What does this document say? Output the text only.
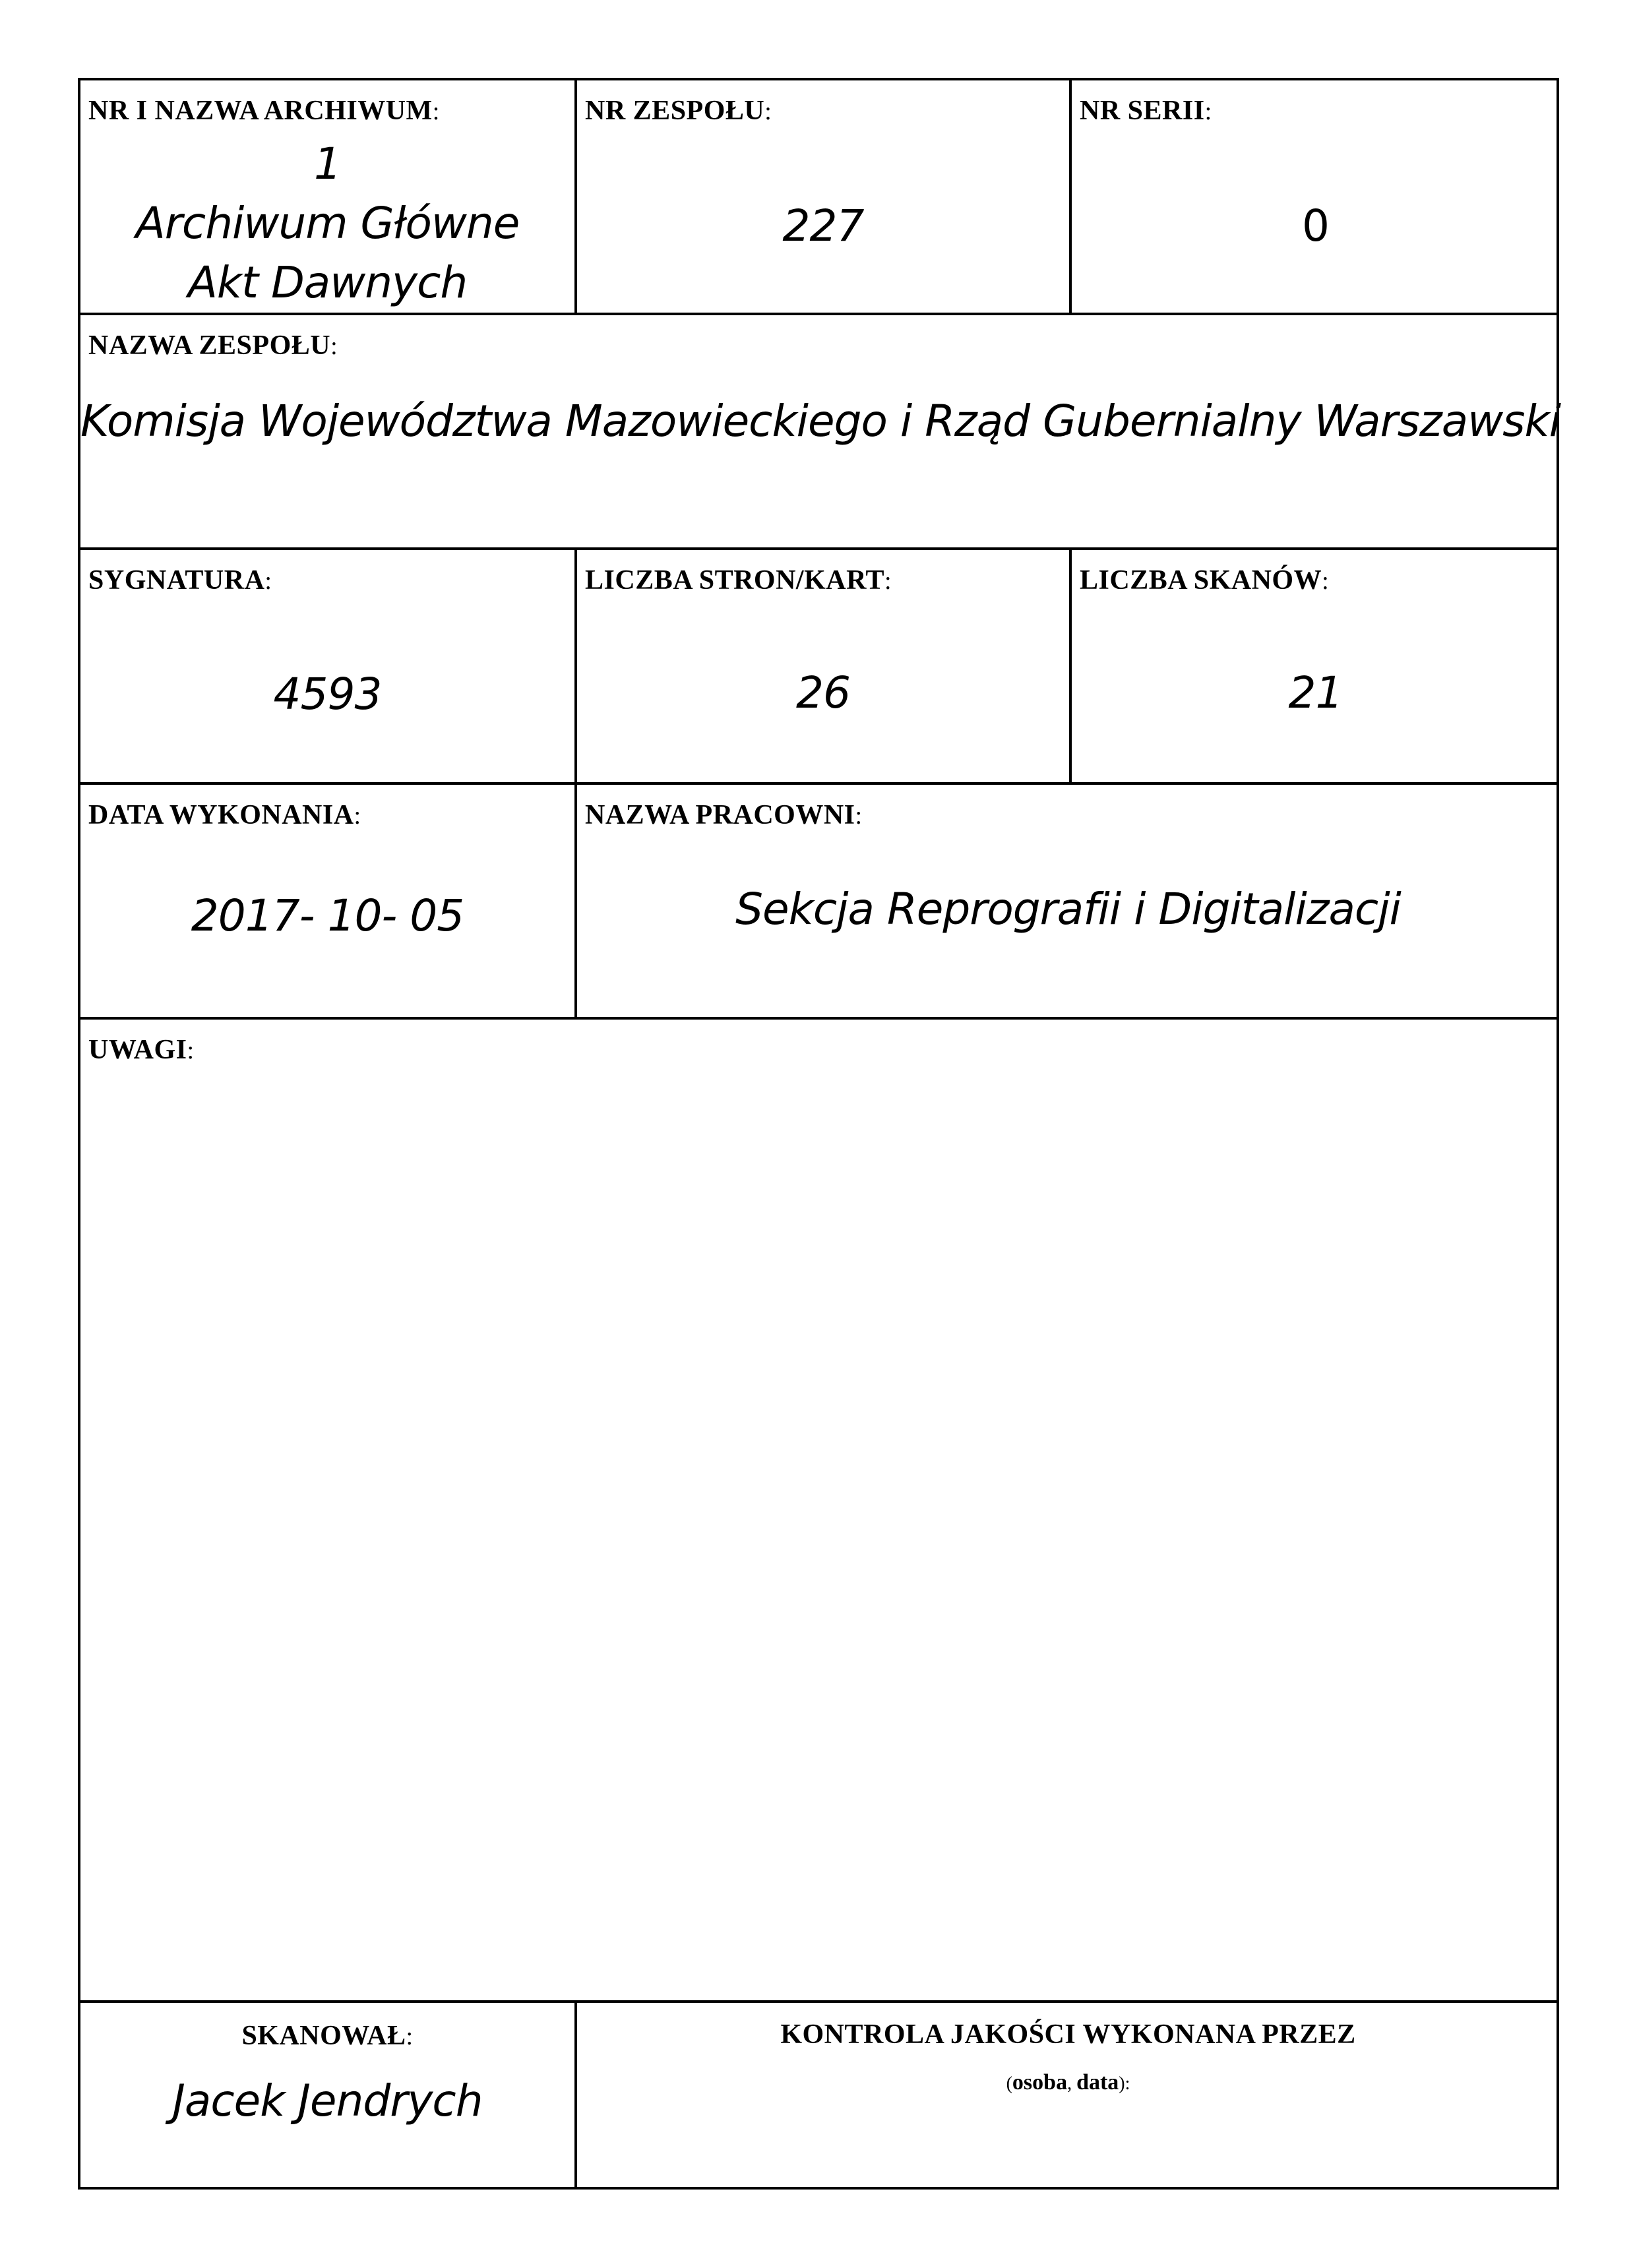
NR I NAZWA ARCHIWUM:
1
Archiwum Główne
Akt Dawnych
NR ZESPOŁU:
227
NR SERII:
0
NAZWA ZESPOŁU:
Komisja Województwa Mazowieckiego i Rząd Gubernialny Warszawski
SYGNATURA:
4593
LICZBA STRON/KART:
26
LICZBA SKANÓW:
21
DATA WYKONANIA:
2017- 10- 05
NAZWA PRACOWNI:
Sekcja Reprografii i Digitalizacji
UWAGI:
SKANOWAŁ:
Jacek Jendrych
KONTROLA JAKOŚCI WYKONANA PRZEZ
(osoba, data):
